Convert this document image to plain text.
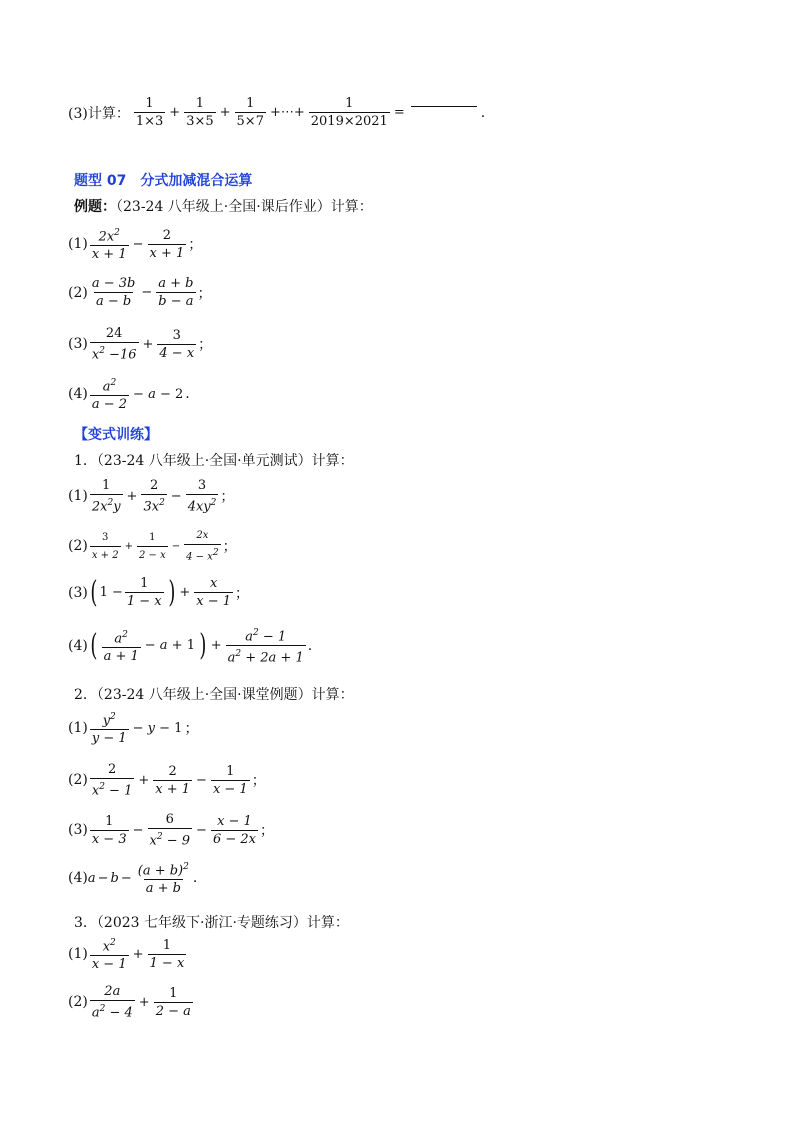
(3)计算： $\frac{1}{1\times 3} + \frac{1}{3\times 5} + \frac{1}{5\times 7}$ +⋯+ $\frac{1}{2019\times 2021}$ =	.
题型 07　分式加减混合运算
例题：（23-24 八年级上·全国·课后作业）计算：
$(1) \frac{2x^2}{x + 1} - \frac{2}{x + 1}$ ；
$(2) \frac{a - 3b}{a - b} - \frac{a + b}{b - a}$ ；
$(3) \frac{24}{x^2 -16} + \frac{3}{4 - x}$ ；
$(4) \frac{a^2}{a - 2} - a - 2$ .
【变式训练】
1．（23-24 八年级上·全国·单元测试）计算：
$(1) \frac{1}{2x^2y} + \frac{2}{3x^2} - \frac{3}{4xy^2}$ ；
$(2) \frac{3}{x + 2} + \frac{1}{2 - x} - \frac{2x}{4 - x^2}$ ；
(3) ( $1 - \frac{1}{1 - x}$ ) + $\frac{x}{x - 1}$ ；
(4) ( $\frac{a^2}{a + 1} - a + 1$ ) + $\frac{a^2 - 1}{a^2 + 2a + 1}$ .
2．（23-24 八年级上·全国·课堂例题）计算：
$(1) \frac{y^2}{y - 1} - y - 1$ ；
$(2) \frac{2}{x^2 - 1} + \frac{2}{x + 1} - \frac{1}{x - 1}$ ；
$(3) \frac{1}{x - 3} - \frac{6}{x^2 - 9} - \frac{x - 1}{6 - 2x}$ ；
(4) $a - b - \frac{(a + b)^2}{a + b}$ .
3．（2023 七年级下·浙江·专题练习）计算：
$(1) \frac{x^2}{x - 1} + \frac{1}{1 - x}$
$(2) \frac{2a}{a^2 - 4} + \frac{1}{2 - a}$
